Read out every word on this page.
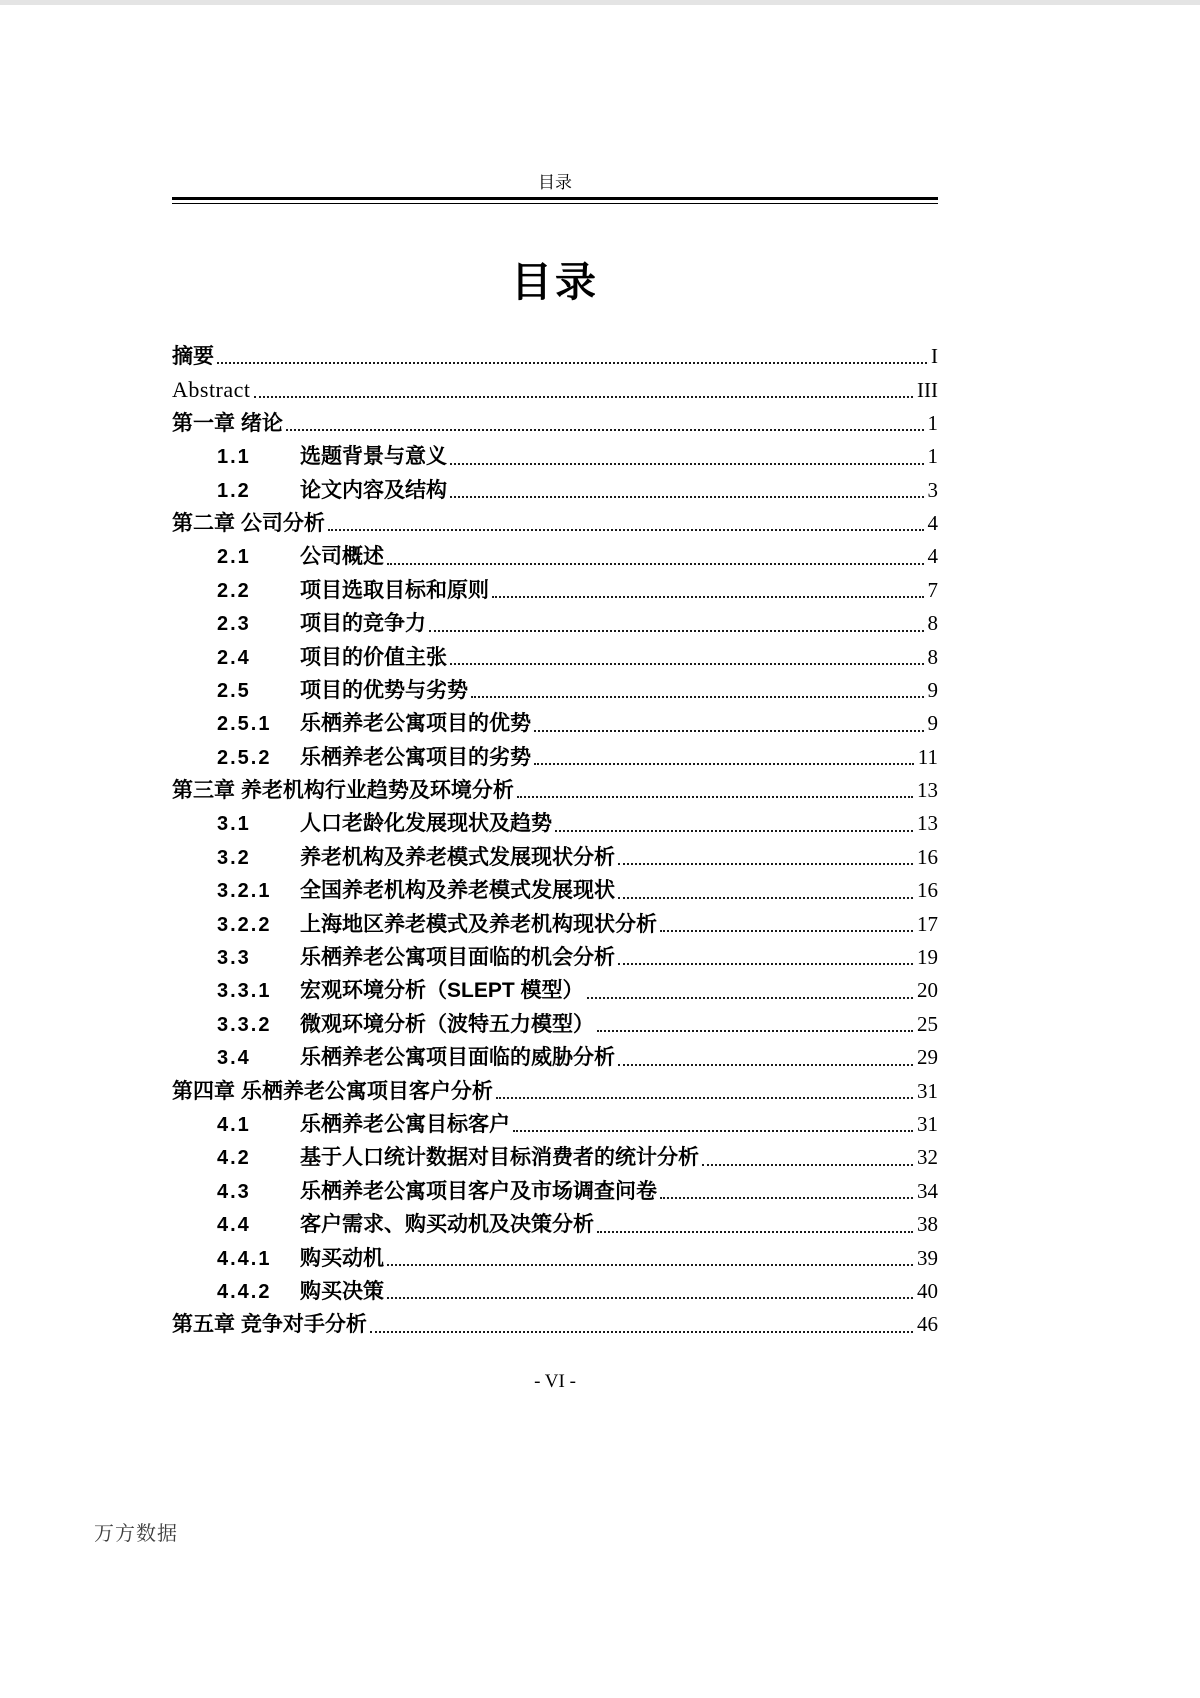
目录
目录
摘要	I
Abstract	III
第一章 绪论	1
1.1	选题背景与意义	1
1.2	论文内容及结构	3
第二章 公司分析	4
2.1	公司概述	4
2.2	项目选取目标和原则	7
2.3	项目的竞争力	8
2.4	项目的价值主张	8
2.5	项目的优势与劣势	9
2.5.1	乐栖养老公寓项目的优势	9
2.5.2	乐栖养老公寓项目的劣势	11
第三章 养老机构行业趋势及环境分析	13
3.1	人口老龄化发展现状及趋势	13
3.2	养老机构及养老模式发展现状分析	16
3.2.1	全国养老机构及养老模式发展现状	16
3.2.2	上海地区养老模式及养老机构现状分析	17
3.3	乐栖养老公寓项目面临的机会分析	19
3.3.1	宏观环境分析（SLEPT 模型）	20
3.3.2	微观环境分析（波特五力模型）	25
3.4	乐栖养老公寓项目面临的威胁分析	29
第四章 乐栖养老公寓项目客户分析	31
4.1	乐栖养老公寓目标客户	31
4.2	基于人口统计数据对目标消费者的统计分析	32
4.3	乐栖养老公寓项目客户及市场调查问卷	34
4.4	客户需求、购买动机及决策分析	38
4.4.1	购买动机	39
4.4.2	购买决策	40
第五章 竞争对手分析	46
- VI -
万方数据
